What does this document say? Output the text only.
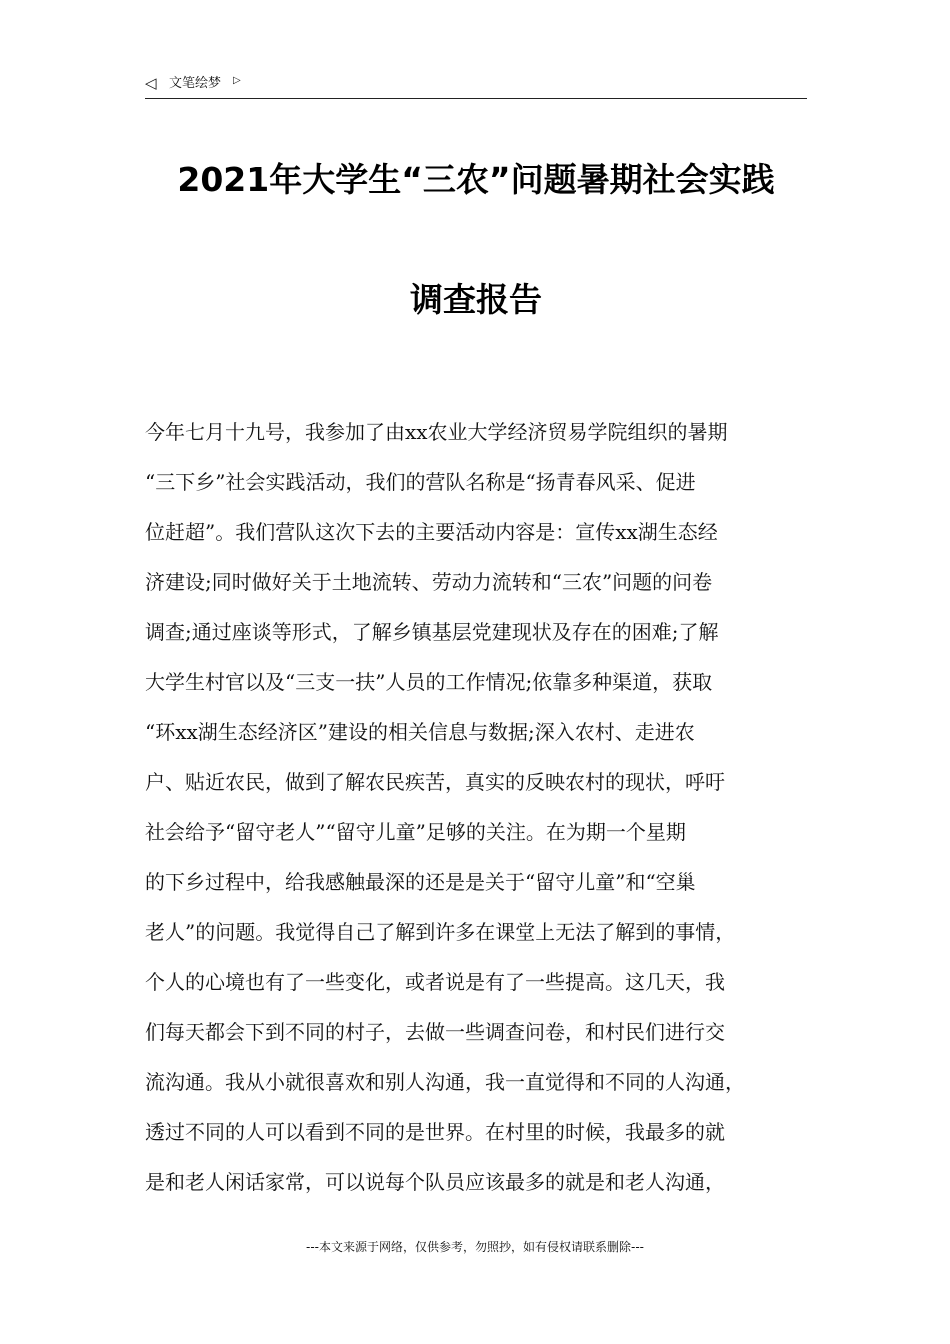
◁ 文笔绘梦 ▷
2021年大学生“三农”问题暑期社会实践
调查报告
今年七月十九号，我参加了由xx农业大学经济贸易学院组织的暑期
“三下乡”社会实践活动，我们的营队名称是“扬青春风采、促进
位赶超”。我们营队这次下去的主要活动内容是：宣传xx湖生态经
济建设;同时做好关于土地流转、劳动力流转和“三农”问题的问卷
调查;通过座谈等形式，了解乡镇基层党建现状及存在的困难;了解
大学生村官以及“三支一扶”人员的工作情况;依靠多种渠道，获取
“环xx湖生态经济区”建设的相关信息与数据;深入农村、走进农
户、贴近农民，做到了解农民疾苦，真实的反映农村的现状，呼吁
社会给予“留守老人”“留守儿童”足够的关注。在为期一个星期
的下乡过程中，给我感触最深的还是是关于“留守儿童”和“空巢
老人”的问题。我觉得自己了解到许多在课堂上无法了解到的事情，
个人的心境也有了一些变化，或者说是有了一些提高。这几天，我
们每天都会下到不同的村子，去做一些调查问卷，和村民们进行交
流沟通。我从小就很喜欢和别人沟通，我一直觉得和不同的人沟通，
透过不同的人可以看到不同的是世界。在村里的时候，我最多的就
是和老人闲话家常，可以说每个队员应该最多的就是和老人沟通，
---本文来源于网络，仅供参考，勿照抄，如有侵权请联系删除---
